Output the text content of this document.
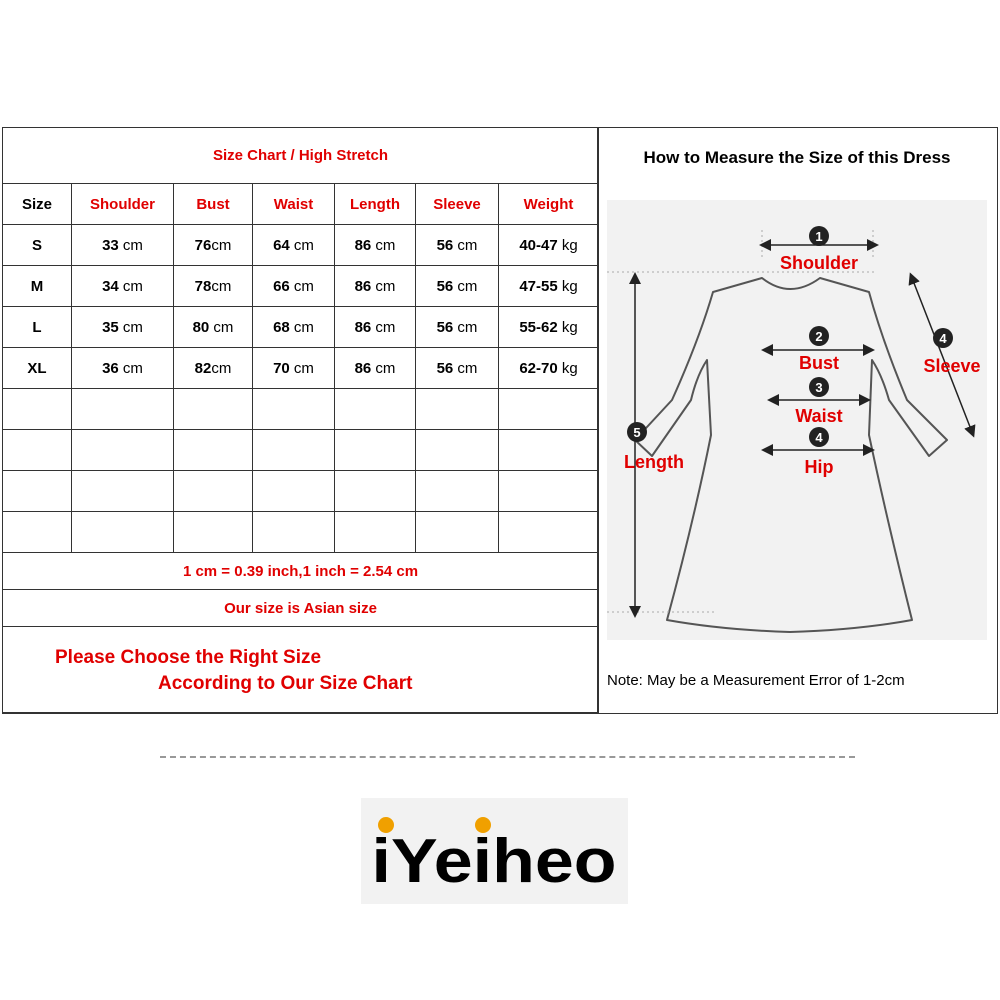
Size Chart / High Stretch						
Size	Shoulder	Bust	Waist	Length	Sleeve	Weight
S	33 cm	76cm	64 cm	86 cm	56 cm	40-47 kg
M	34 cm	78cm	66 cm	86 cm	56 cm	47-55 kg
L	35 cm	80 cm	68 cm	86 cm	56 cm	55-62 kg
XL	36 cm	82cm	70 cm	86 cm	56 cm	62-70 kg

1 cm = 0.39 inch,1 inch = 2.54 cm						
Our size is Asian size						

Please Choose the Right Size
According to Our Size Chart						
How to Measure the Size of this Dress
1
Shoulder
2
Bust
3
Waist
4
Hip
4
Sleeve
5
Length
Note: May be a Measurement Error of 1-2cm
iYeiheo
